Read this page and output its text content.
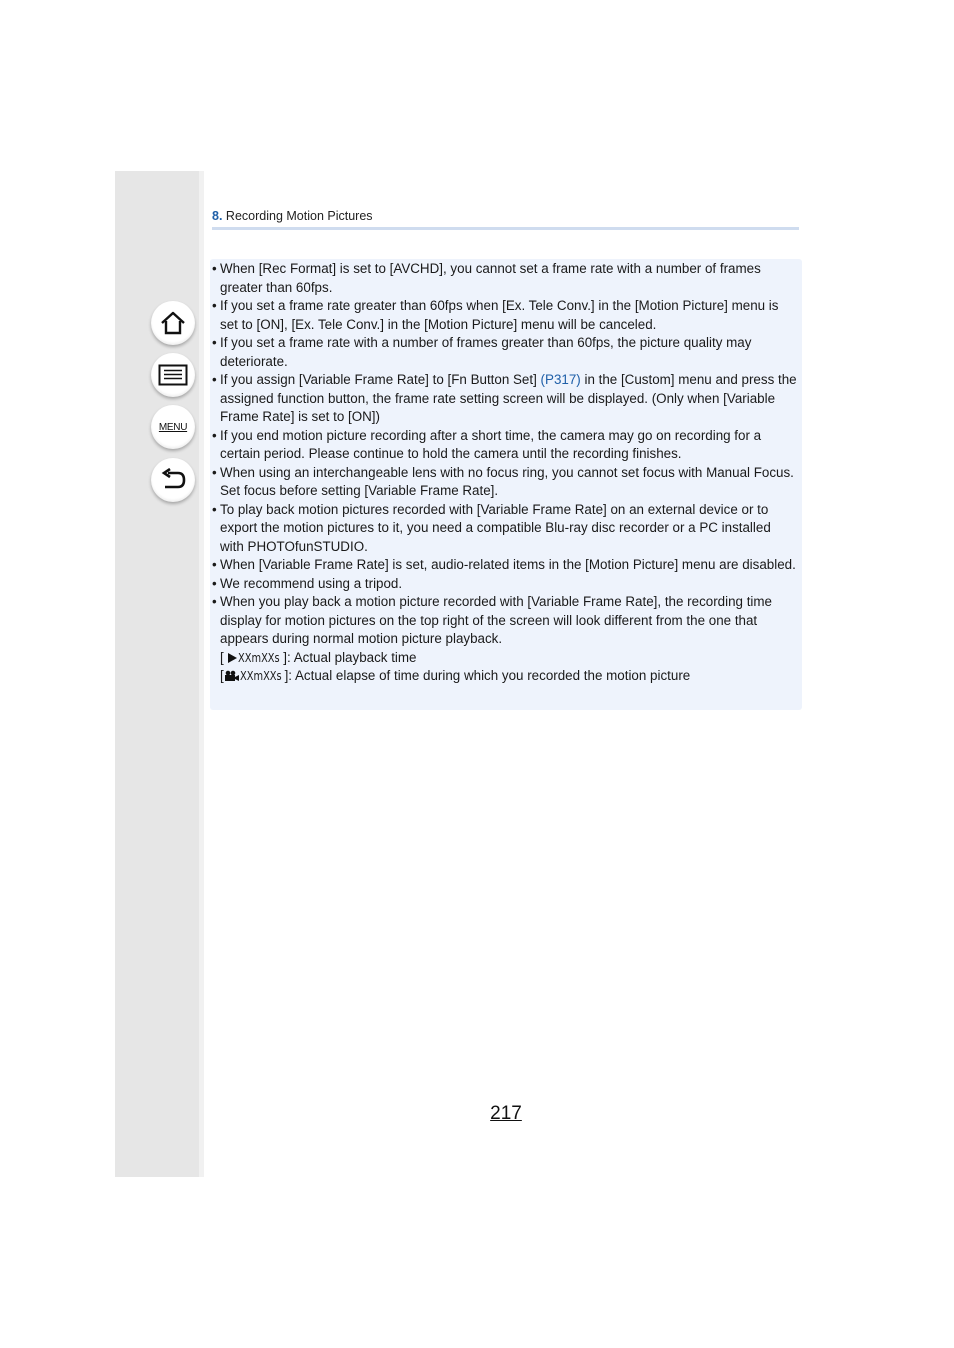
MENU
8. Recording Motion Pictures
• When [Rec Format] is set to [AVCHD], you cannot set a frame rate with a number of frames greater than 60fps.
• If you set a frame rate greater than 60fps when [Ex. Tele Conv.] in the [Motion Picture] menu is set to [ON], [Ex. Tele Conv.] in the [Motion Picture] menu will be canceled.
• If you set a frame rate with a number of frames greater than 60fps, the picture quality may deteriorate.
• If you assign [Variable Frame Rate] to [Fn Button Set] (P317) in the [Custom] menu and press the assigned function button, the frame rate setting screen will be displayed. (Only when [Variable Frame Rate] is set to [ON])
• If you end motion picture recording after a short time, the camera may go on recording for a certain period. Please continue to hold the camera until the recording finishes.
• When using an interchangeable lens with no focus ring, you cannot set focus with Manual Focus. Set focus before setting [Variable Frame Rate].
• To play back motion pictures recorded with [Variable Frame Rate] on an external device or to export the motion pictures to it, you need a compatible Blu-ray disc recorder or a PC installed with PHOTOfunSTUDIO.
• When [Variable Frame Rate] is set, audio-related items in the [Motion Picture] menu are disabled.
• We recommend using a tripod.
• When you play back a motion picture recorded with [Variable Frame Rate], the recording time display for motion pictures on the top right of the screen will look different from the one that appears during normal motion picture playback.
[ XXmXXs ]: Actual playback time
[ XXmXXs ]: Actual elapse of time during which you recorded the motion picture
217
